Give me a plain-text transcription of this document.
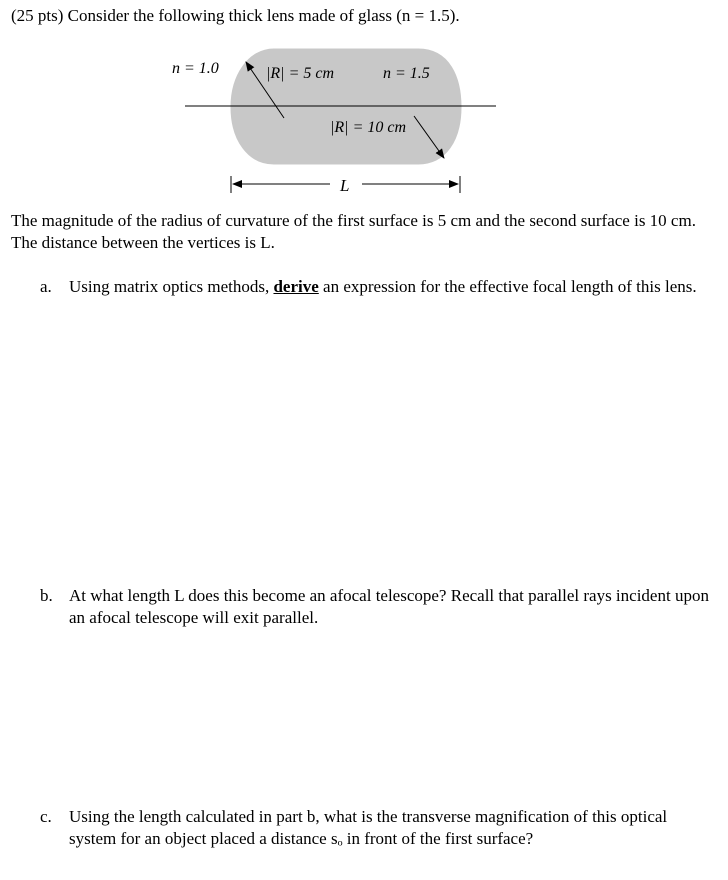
(25 pts) Consider the following thick lens made of glass (n = 1.5).
n = 1.0	|R| = 5 cm	n = 1.5
|R| = 10 cm
L
The magnitude of the radius of curvature of the first surface is 5 cm and the second surface is 10 cm. The distance between the vertices is L.
a. Using matrix optics methods, derive an expression for the effective focal length of this lens.
b. At what length L does this become an afocal telescope? Recall that parallel rays incident upon an afocal telescope will exit parallel.
c. Using the length calculated in part b, what is the transverse magnification of this optical system for an object placed a distance sₒ in front of the first surface?
